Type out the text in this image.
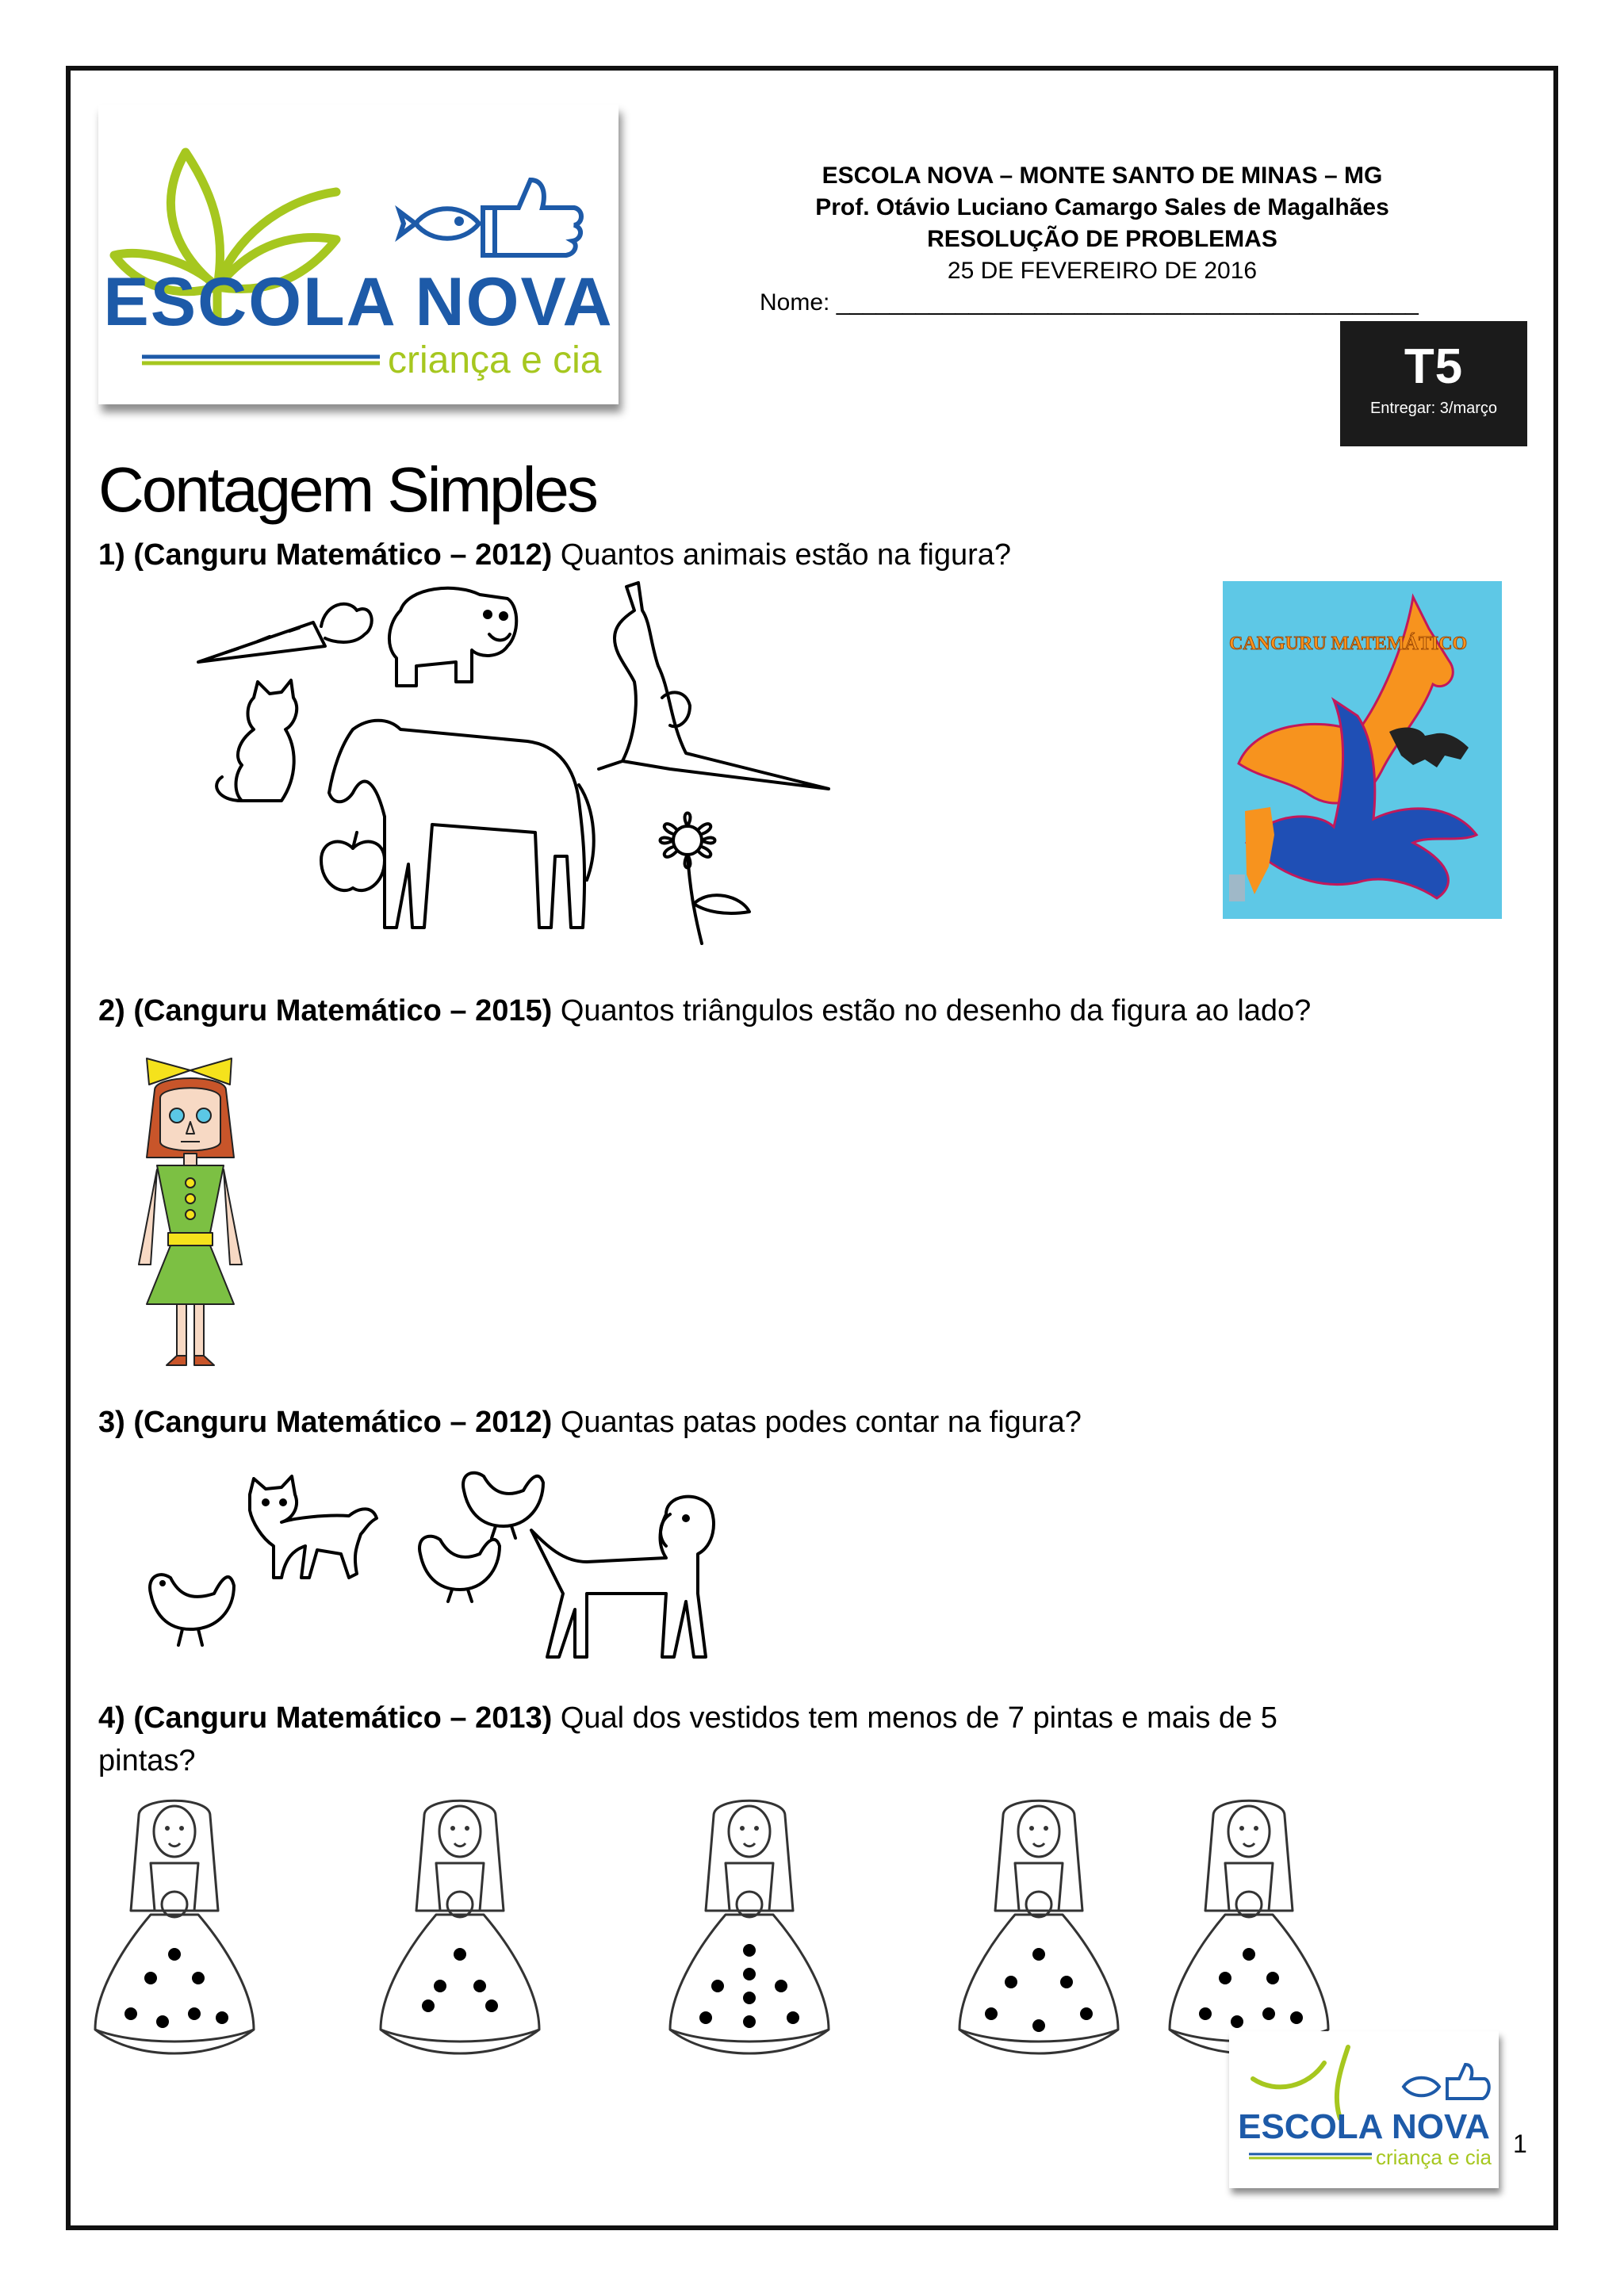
ESCOLA NOVA
criança e cia
ESCOLA NOVA – MONTE SANTO DE MINAS – MG
Prof. Otávio Luciano Camargo Sales de Magalhães
RESOLUÇÃO DE PROBLEMAS
25 DE FEVEREIRO DE 2016
Nome: ____________________________________________
T5
Entregar: 3/março
Contagem Simples
1) (Canguru Matemático – 2012) Quantos animais estão na figura?
CANGURU MATEMÁTICO
2) (Canguru Matemático – 2015) Quantos triângulos estão no desenho da figura ao lado?
3) (Canguru Matemático – 2012) Quantas patas podes contar na figura?
4) (Canguru Matemático – 2013) Qual dos vestidos tem menos de 7 pintas e mais de 5
pintas?
ESCOLA NOVA
criança e cia 1
